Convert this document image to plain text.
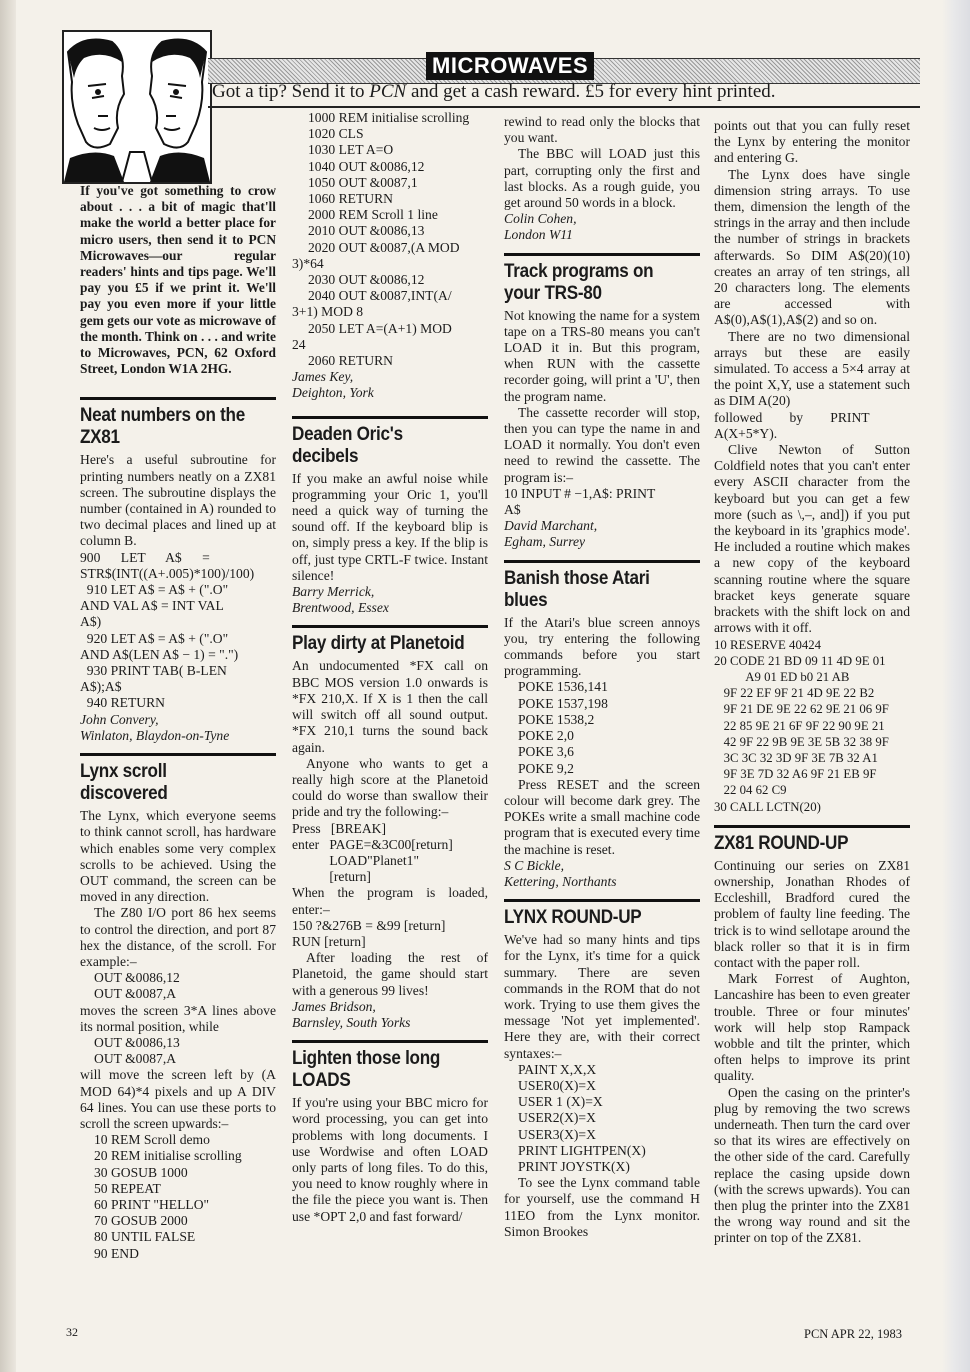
MICROWAVES
Got a tip? Send it to PCN and get a cash reward. £5 for every hint printed.

If you've got something to crow about . . . a bit of magic that'll make the world a better place for micro users, then send it to PCN Microwaves—our regular readers' hints and tips page. We'll pay you £5 if we print it. We'll pay you even more if your little gem gets our vote as microwave of the month. Think on . . . and write to Microwaves, PCN, 62 Oxford Street, London W1A 2HG.

Neat numbers on the ZX81

Here's a useful subroutine for printing numbers neatly on a ZX81 screen. The subroutine displays the number (contained in A) rounded to two decimal places and lined up at column B.

900      LET      A$      =
STR$(INT((A+.005)*100)/100)
910 LET A$ = A$ + (".O"
AND VAL A$ = INT VAL
A$)
920 LET A$ = A$ + (".O"
AND A$(LEN A$ − 1) = ".")
930 PRINT TAB( B-LEN
A$);A$
940 RETURN

John Convery,

Winlaton, Blaydon-on-Tyne

Lynx scroll discovered

The Lynx, which everyone seems to think cannot scroll, has hardware which enables some very complex scrolls to be achieved. Using the OUT command, the screen can be moved in any direction.

The Z80 I/O port 86 hex seems to control the direction, and port 87 hex the distance, of the scroll. For example:–

OUT &0086,12
OUT &0087,A

moves the screen 3*A lines above its normal position, while

OUT &0086,13
OUT &0087,A

will move the screen left by (A MOD 64)*4 pixels and up A DIV 64 lines. You can use these ports to scroll the screen upwards:–

10 REM Scroll demo
20 REM initialise scrolling
30 GOSUB 1000
50 REPEAT
60 PRINT "HELLO"
70 GOSUB 2000
80 UNTIL FALSE
90 END
1000 REM initialise scrolling
1020 CLS
1030 LET A=O
1040 OUT &0086,12
1050 OUT &0087,1
1060 RETURN
2000 REM Scroll 1 line
2010 OUT &0086,13
2020 OUT &0087,(A MOD
3)*64
2030 OUT &0086,12
2040 OUT &0087,INT(A/
3+1) MOD 8
2050 LET A=(A+1) MOD
24
2060 RETURN

James Key,

Deighton, York

Deaden Oric's decibels

If you make an awful noise while programming your Oric 1, you'll need a quick way of turning the sound off. If the keyboard blip is on, simply press a key. If the blip is off, just type CRTL-F twice. Instant silence!

Barry Merrick,

Brentwood, Essex

Play dirty at Planetoid

An undocumented *FX call on BBC MOS version 1.0 onwards is *FX 210,X. If X is 1 then the call will switch off all sound output. *FX 210,1 turns the sound back again.

Anyone who wants to get a really high score at the Planetoid could do worse than swallow their pride and try the following:–

Press   [BREAK]
enter   PAGE=&3C00[return]
LOAD"Planet1"
[return]

When the program is loaded, enter:–

150 ?&276B = &99 [return]
RUN [return]

After loading the rest of Planetoid, the game should start with a generous 99 lives!

James Bridson,

Barnsley, South Yorks

Lighten those long LOADS

If you're using your BBC micro for word processing, you can get into problems with long documents. I use Wordwise and often LOAD only parts of long files. To do this, you need to know roughly where in the file the piece you want is. Then use *OPT 2,0 and fast forward/

rewind to read only the blocks that you want.

The BBC will LOAD just this part, corrupting only the first and last blocks. As a rough guide, you get around 50 words in a block.

Colin Cohen,

London W11

Track programs on your TRS-80

Not knowing the name for a system tape on a TRS-80 means you can't LOAD it in. But this program, when RUN with the cassette recorder going, will print a 'U', then the program name.

The cassette recorder will stop, then you can type the name in and LOAD it normally. You don't even need to rewind the cassette. The program is:–

10 INPUT # −1,A$: PRINT
A$

David Marchant,

Egham, Surrey

Banish those Atari blues

If the Atari's blue screen annoys you, try entering the following commands before you start programming.

POKE 1536,141
POKE 1537,198
POKE 1538,2
POKE 2,0
POKE 3,6
POKE 9,2

Press RESET and the screen colour will become dark grey. The POKEs write a small machine code program that is executed every time the machine is reset.

S C Bickle,

Kettering, Northants

LYNX ROUND-UP

We've had so many hints and tips for the Lynx, it's time for a quick summary. There are seven commands in the ROM that do not work. Trying to use them gives the message 'Not yet implemented'. Here they are, with their correct syntaxes:–

PAINT X,X,X
USER0(X)=X
USER 1 (X)=X
USER2(X)=X
USER3(X)=X
PRINT LIGHTPEN(X)
PRINT JOYSTK(X)

To see the Lynx command table for yourself, use the command H 11EO from the Lynx monitor. Simon Brookes

points out that you can fully reset the Lynx by entering the monitor and entering G.

The Lynx does have single dimension string arrays. To use them, dimension the length of the strings in the array and then include the number of strings in brackets afterwards. So DIM A$(20)(10) creates an array of ten strings, all 20 characters long. The elements are accessed with A$(0),A$(1),A$(2) and so on.

There are no two dimensional arrays but these are easily simulated. To access a 5×4 array at the point X,Y, use a statement such as DIM A(20)

followed        by        PRINT

A(X+5*Y).

Clive Newton of Sutton Coldfield notes that you can't enter every ASCII character from the keyboard but you can get a few more (such as \,–, and]) if you put the keyboard in its 'graphics mode'. He included a routine which makes a new copy of the keyboard scanning routine where the square bracket keys generate square brackets with the shift lock on and arrows with it off.

10 RESERVE 40424
20 CODE 21 BD 09 11 4D 9E 01
A9 01 ED b0 21 AB
9F 22 EF 9F 21 4D 9E 22 B2
9F 21 DE 9E 22 62 9E 21 06 9F
22 85 9E 21 6F 9F 22 90 9E 21
42 9F 22 9B 9E 3E 5B 32 38 9F
3C 3C 32 3D 9F 3E 7B 32 A1
9F 3E 7D 32 A6 9F 21 EB 9F
22 04 62 C9
30 CALL LCTN(20)
ZX81 ROUND-UP

Continuing our series on ZX81 ownership, Jonathan Rhodes of Eccleshill, Bradford cured the problem of faulty line feeding. The trick is to wind sellotape around the black roller so that it is in firm contact with the paper roll.

Mark Forrest of Aughton, Lancashire has been to even greater trouble. Three or four minutes' work will help stop Rampack wobble and tilt the printer, which often helps to improve its print quality.

Open the casing on the printer's plug by removing the two screws underneath. Then turn the card over so that its wires are effectively on the other side of the card. Carefully replace the casing upside down (with the screws upwards). You can then plug the printer into the ZX81 the wrong way round and sit the printer on top of the ZX81.

32	PCN APR 22, 1983
